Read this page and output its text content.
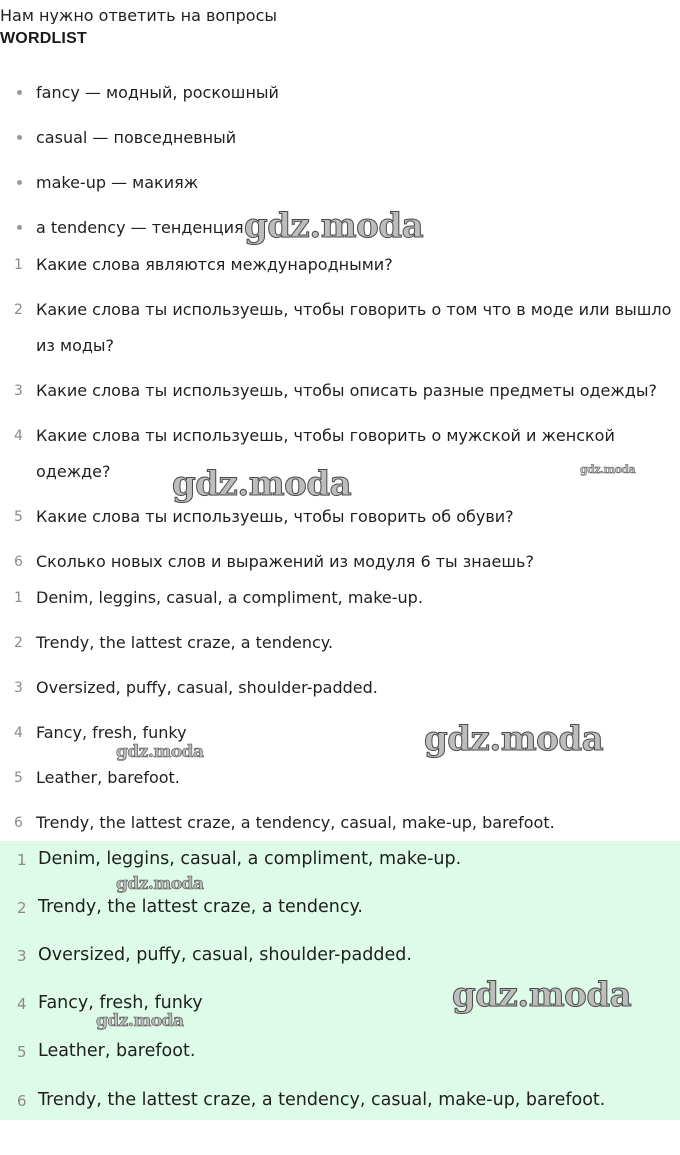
Нам нужно ответить на вопросы
WORDLIST
fancy — модный, роскошный
casual — повседневный
make-up — макияж
a tendency — тенденция
1 Какие слова являются международными?
2 Какие слова ты используешь, чтобы говорить о том что в моде или вышло
из моды?
3 Какие слова ты используешь, чтобы описать разные предметы одежды?
4 Какие слова ты используешь, чтобы говорить о мужской и женской
одежде?
5 Какие слова ты используешь, чтобы говорить об обуви?
6 Сколько новых слов и выражений из модуля 6 ты знаешь?
1 Denim, leggins, casual, a compliment, make-up.
2 Trendy, the lattest craze, a tendency.
3 Oversized, puffy, casual, shoulder-padded.
4 Fancy, fresh, funky
5 Leather, barefoot.
6 Trendy, the lattest craze, a tendency, casual, make-up, barefoot.
1 Denim, leggins, casual, a compliment, make-up.
2 Trendy, the lattest craze, a tendency.
3 Oversized, puffy, casual, shoulder-padded.
4 Fancy, fresh, funky
5 Leather, barefoot.
6 Trendy, the lattest craze, a tendency, casual, make-up, barefoot.
gdz.moda
gdz.moda	gdz.moda
gdz.moda
gdz.moda
gdz.moda
gdz.moda
gdz.moda
